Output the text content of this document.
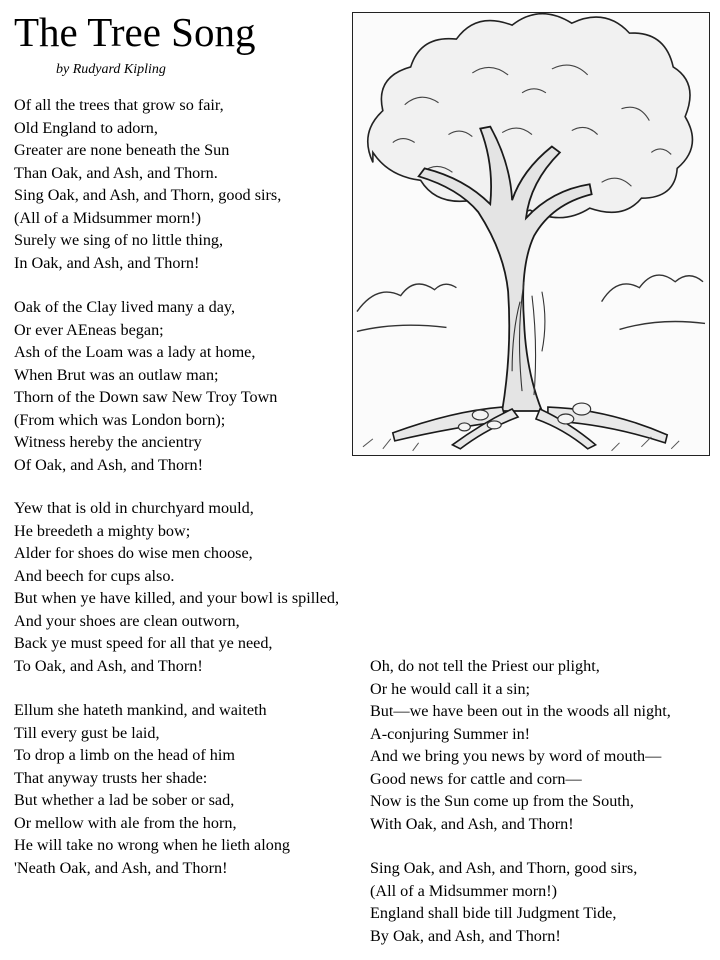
The Tree Song
by Rudyard Kipling
Of all the trees that grow so fair,
Old England to adorn,
Greater are none beneath the Sun
Than Oak, and Ash, and Thorn.
Sing Oak, and Ash, and Thorn, good sirs,
(All of a Midsummer morn!)
Surely we sing of no little thing,
In Oak, and Ash, and Thorn!
Oak of the Clay lived many a day,
Or ever AEneas began;
Ash of the Loam was a lady at home,
When Brut was an outlaw man;
Thorn of the Down saw New Troy Town
(From which was London born);
Witness hereby the ancientry
Of Oak, and Ash, and Thorn!
Yew that is old in churchyard mould,
He breedeth a mighty bow;
Alder for shoes do wise men choose,
And beech for cups also.
But when ye have killed, and your bowl is spilled,
And your shoes are clean outworn,
Back ye must speed for all that ye need,
To Oak, and Ash, and Thorn!
Ellum she hateth mankind, and waiteth
Till every gust be laid,
To drop a limb on the head of him
That anyway trusts her shade:
But whether a lad be sober or sad,
Or mellow with ale from the horn,
He will take no wrong when he lieth along
'Neath Oak, and Ash, and Thorn!
Oh, do not tell the Priest our plight,
Or he would call it a sin;
But—we have been out in the woods all night,
A-conjuring Summer in!
And we bring you news by word of mouth—
Good news for cattle and corn—
Now is the Sun come up from the South,
With Oak, and Ash, and Thorn!
Sing Oak, and Ash, and Thorn, good sirs,
(All of a Midsummer morn!)
England shall bide till Judgment Tide,
By Oak, and Ash, and Thorn!
